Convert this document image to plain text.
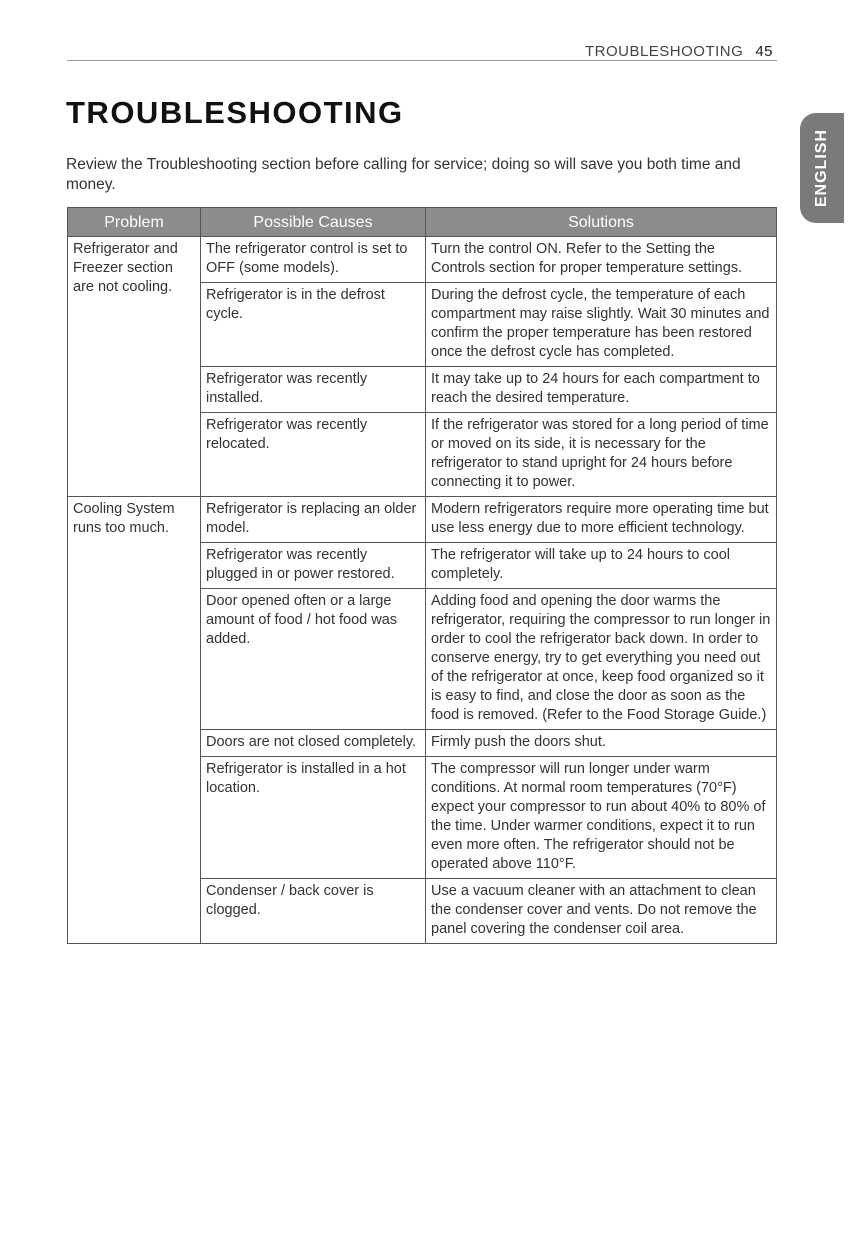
TROUBLESHOOTING 45
TROUBLESHOOTING
Review the Troubleshooting section before calling for service; doing so will save you both time and money.	ENGLISH
Problem	Possible Causes	Solutions
Refrigerator and Freezer section are not cooling.	The refrigerator control is set to OFF (some models).	Turn the control ON. Refer to the Setting the Controls section for proper temperature settings.
	Refrigerator is in the defrost cycle.	During the defrost cycle, the temperature of each compartment may raise slightly. Wait 30 minutes and confirm the proper temperature has been restored once the defrost cycle has completed.
	Refrigerator was recently installed.	It may take up to 24 hours for each compartment to reach the desired temperature.
	Refrigerator was recently relocated.	If the refrigerator was stored for a long period of time or moved on its side, it is necessary for the refrigerator to stand upright for 24 hours before connecting it to power.
Cooling System runs too much.	Refrigerator is replacing an older model.	Modern refrigerators require more operating time but use less energy due to more efficient technology.
	Refrigerator was recently plugged in or power restored.	The refrigerator will take up to 24 hours to cool completely.
	Door opened often or a large amount of food / hot food was added.	Adding food and opening the door warms the refrigerator, requiring the compressor to run longer in order to cool the refrigerator back down. In order to conserve energy, try to get everything you need out of the refrigerator at once, keep food organized so it is easy to find, and close the door as soon as the food is removed. (Refer to the Food Storage Guide.)
	Doors are not closed completely.	Firmly push the doors shut.
	Refrigerator is installed in a hot location.	The compressor will run longer under warm conditions. At normal room temperatures (70°F) expect your compressor to run about 40% to 80% of the time. Under warmer conditions, expect it to run even more often. The refrigerator should not be operated above 110°F.
	Condenser / back cover is clogged.	Use a vacuum cleaner with an attachment to clean the condenser cover and vents. Do not remove the panel covering the condenser coil area.
